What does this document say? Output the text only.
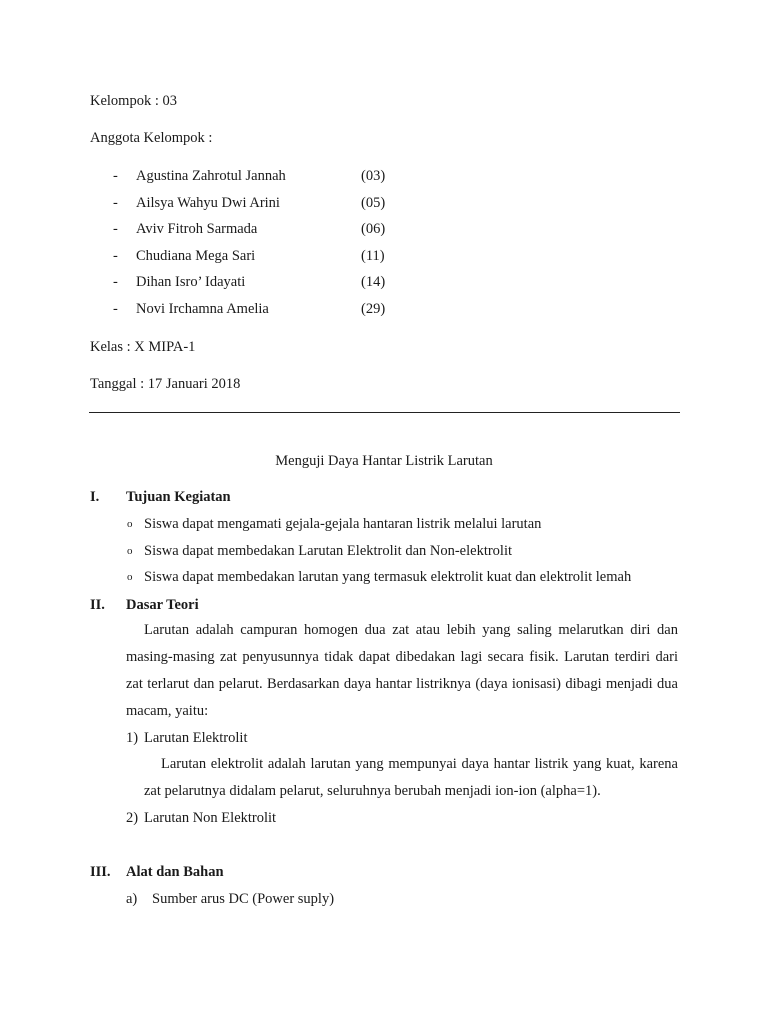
Kelompok : 03
Anggota Kelompok :
- Agustina Zahrotul Jannah	(03)
- Ailsya Wahyu Dwi Arini	(05)
- Aviv Fitroh Sarmada	(06)
- Chudiana Mega Sari	(11)
- Dihan Isro’ Idayati	(14)
- Novi Irchamna Amelia	(29)
Kelas : X MIPA-1
Tanggal : 17 Januari 2018
Menguji Daya Hantar Listrik Larutan
I. Tujuan Kegiatan
o Siswa dapat mengamati gejala-gejala hantaran listrik melalui larutan
o Siswa dapat membedakan Larutan Elektrolit dan Non-elektrolit
o Siswa dapat membedakan larutan yang termasuk elektrolit kuat dan elektrolit lemah
II. Dasar Teori

Larutan adalah campuran homogen dua zat atau lebih yang saling melarutkan diri dan masing-masing zat penyusunnya tidak dapat dibedakan lagi secara fisik. Larutan terdiri dari zat terlarut dan pelarut. Berdasarkan daya hantar listriknya (daya ionisasi) dibagi menjadi dua macam, yaitu:

1) Larutan Elektrolit

Larutan elektrolit adalah larutan yang mempunyai daya hantar listrik yang kuat, karena zat pelarutnya didalam pelarut, seluruhnya berubah menjadi ion-ion (alpha=1).

2) Larutan Non Elektrolit
III. Alat dan Bahan
a) Sumber arus DC (Power suply)
